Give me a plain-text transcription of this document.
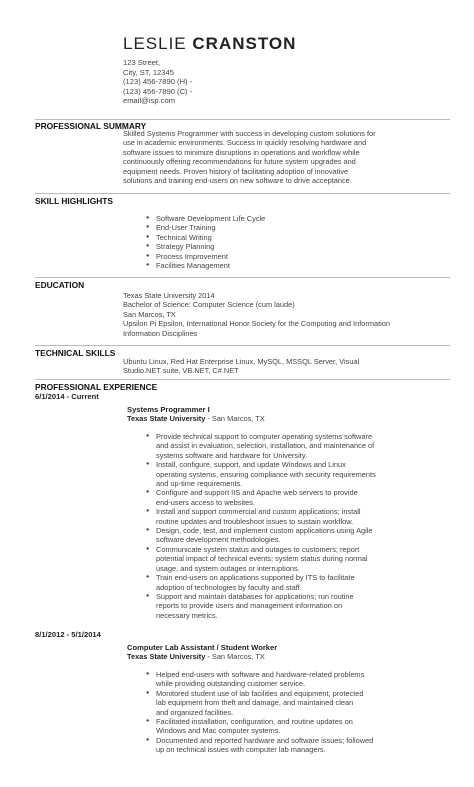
LESLIE CRANSTON
123 Street,
City, ST, 12345
(123) 456-7890 (H) -
(123) 456-7890 (C) -
email@isp.com
PROFESSIONAL SUMMARY
Skilled Systems Programmer with success in developing custom solutions for
use in academic environments. Success in quickly resolving hardware and
software issues to minimize disruptions in operations and workflow while
continuously offering recommendations for future system upgrades and
equipment needs. Proven history of facilitating adoption of innovative
solutions and training end-users on new software to drive acceptance.
SKILL HIGHLIGHTS
● Software Development Life Cycle
● End-User Training
● Technical Writing
● Strategy Planning
● Process Improvement
● Facilities Management
EDUCATION
Texas State University 2014
Bachelor of Science: Computer Science (cum laude)
San Marcos, TX
Upsilon Pi Epsilon, International Honor Society for the Computing and Information
Information Disciplines
TECHNICAL SKILLS
Ubuntu Linux, Red Hat Enterprise Linux, MySQL, MSSQL Server, Visual
Studio.NET suite, VB.NET, C#.NET
PROFESSIONAL EXPERIENCE
6/1/2014 - Current
Systems Programmer I
Texas State University - San Marcos, TX
● Provide technical support to computer operating systems software
and assist in evaluation, selection, installation, and maintenance of
systems software and hardware for University.
● Install, configure, support, and update Windows and Linux
operating systems, ensuring compliance with security requirements
and up-time requirements.
● Configure and support IIS and Apache web servers to provide
end-users access to websites.
● Install and support commercial and custom applications; install
routine updates and troubleshoot issues to sustain workflow.
● Design, code, test, and implement custom applications using Agile
software development methodologies.
● Communicate system status and outages to customers; report
potential impact of technical events; system status during normal
usage, and system outages or interruptions.
● Train end-users on applications supported by ITS to facilitate
adoption of technologies by faculty and staff.
● Support and maintain databases for applications; run routine
reports to provide users and management information on
necessary metrics.
8/1/2012 - 5/1/2014
Computer Lab Assistant / Student Worker
Texas State University - San Marcos, TX
● Helped end-users with software and hardware-related problems
while providing outstanding customer service.
● Monitored student use of lab facilities and equipment, protected
lab equipment from theft and damage, and maintained clean
and organized facilities.
● Facilitated installation, configuration, and routine updates on
Windows and Mac computer systems.
● Documented and reported hardware and software issues; followed
up on technical issues with computer lab managers.
